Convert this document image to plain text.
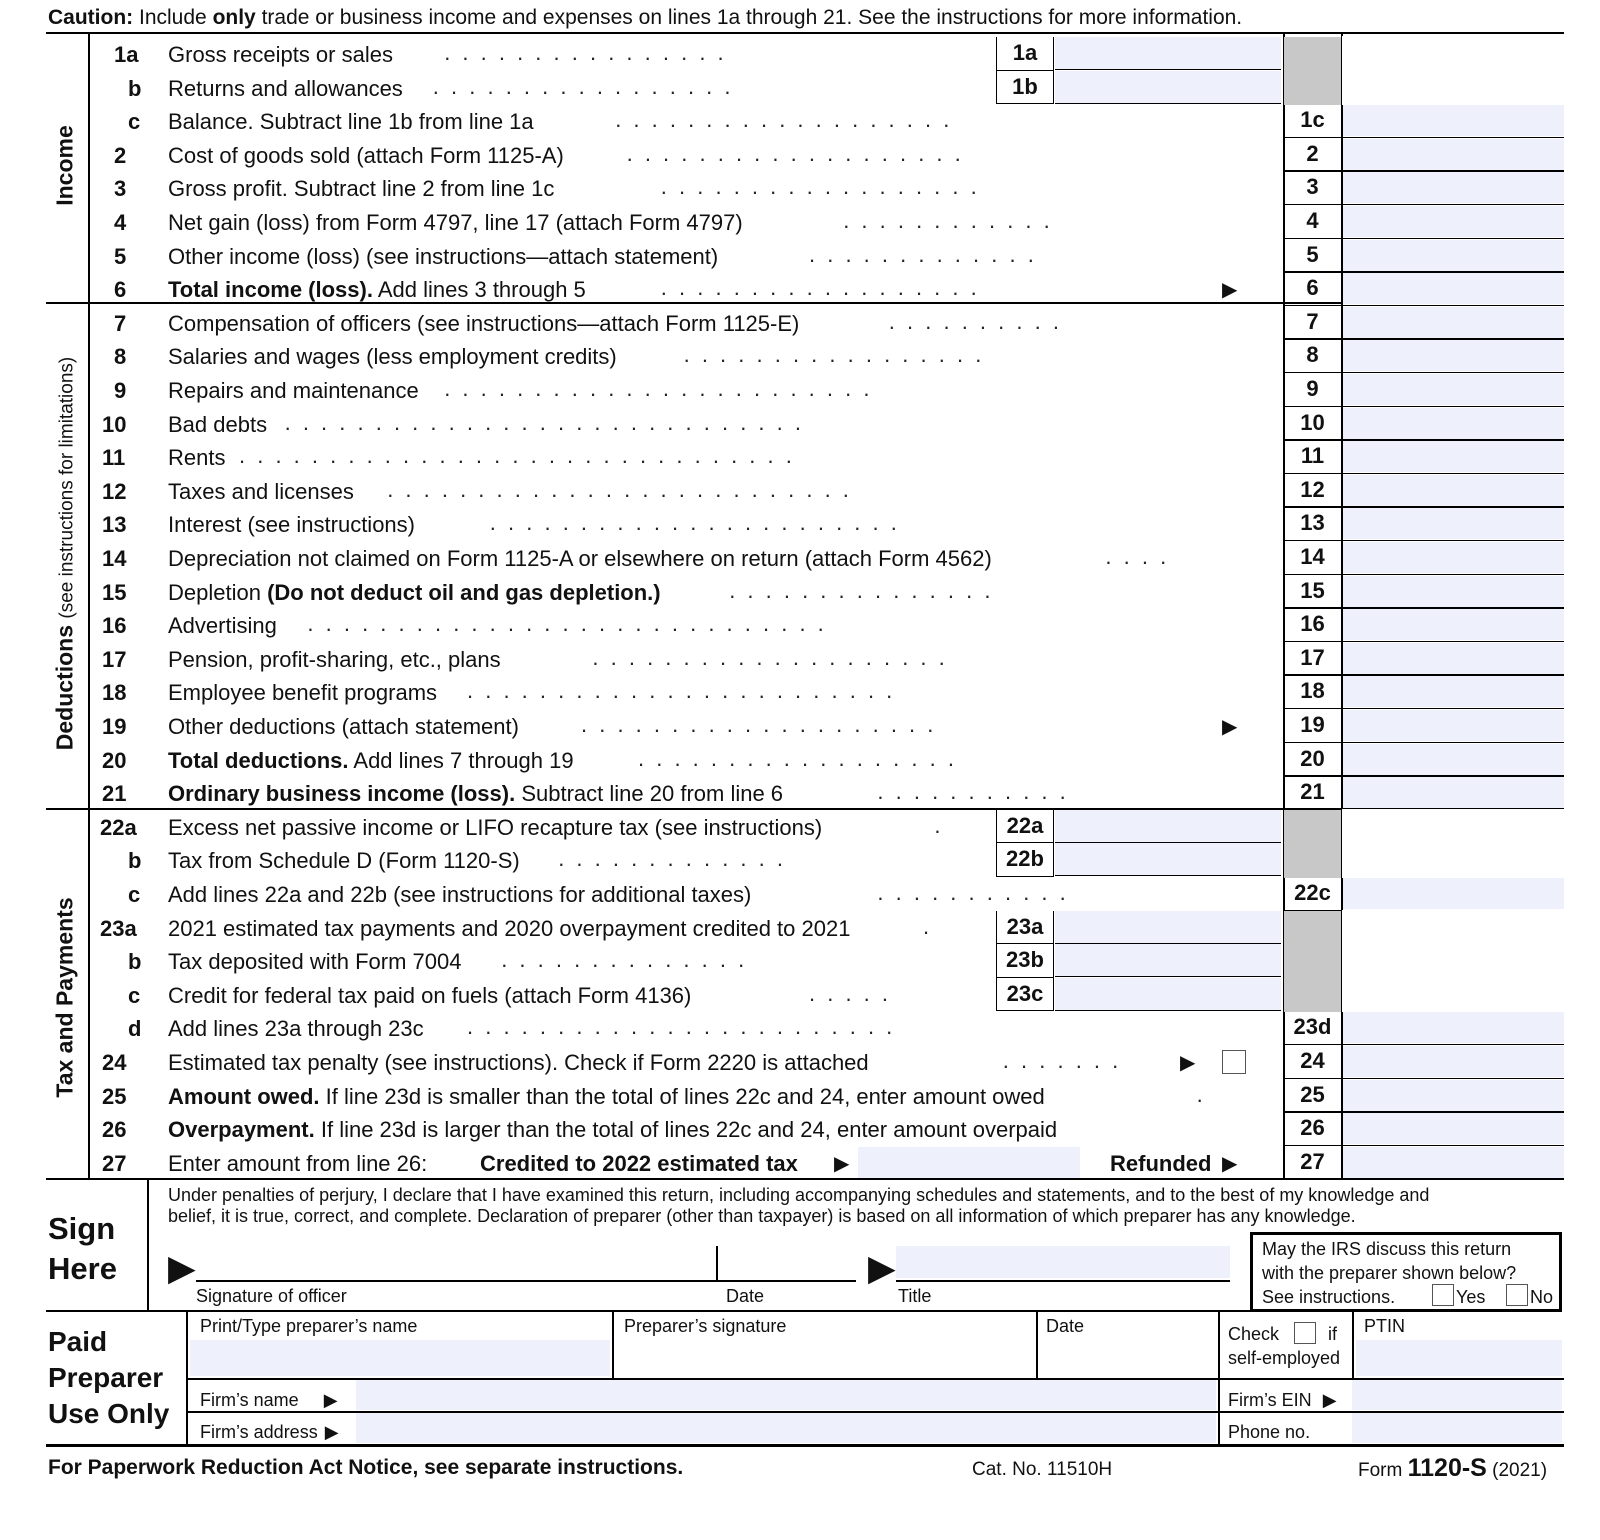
Caution: Include only trade or business income and expenses on lines 1a through 21. See the instructions for more information.
Income
Deductions (see instructions for limitations)
Tax and Payments
1a Gross receipts or sales . . . . . . . . . . . . . . . .	1a
b Returns and allowances . . . . . . . . . . . . . . . . .	1b
c Balance. Subtract line 1b from line 1a	. . . . . . . . . . . . . . . . . . .	1c
2 Cost of goods sold (attach Form 1125-A)	. . . . . . . . . . . . . . . . . . .	2
3 Gross profit. Subtract line 2 from line 1c	. . . . . . . . . . . . . . . . . .	3
4 Net gain (loss) from Form 4797, line 17 (attach Form 4797)	. . . . . . . . . . . .	4
5 Other income (loss) (see instructions—attach statement)	. . . . . . . . . . . . .	5
6 Total income (loss). Add lines 3 through 5	. . . . . . . . . . . . . . . . . .	▶	6
7 Compensation of officers (see instructions—attach Form 1125-E)	. . . . . . . . . .	7
8 Salaries and wages (less employment credits)	. . . . . . . . . . . . . . . . .	8
9 Repairs and maintenance . . . . . . . . . . . . . . . . . . . . . . . .	9
10 Bad debts . . . . . . . . . . . . . . . . . . . . . . . . . . . . .	10
11 Rents . . . . . . . . . . . . . . . . . . . . . . . . . . . . . . .	11
12 Taxes and licenses . . . . . . . . . . . . . . . . . . . . . . . . . .	12
13 Interest (see instructions)	. . . . . . . . . . . . . . . . . . . . . . .	13
14 Depreciation not claimed on Form 1125-A or elsewhere on return (attach Form 4562)	. . . .	14
15 Depletion (Do not deduct oil and gas depletion.)	. . . . . . . . . . . . . . .	15
16 Advertising . . . . . . . . . . . . . . . . . . . . . . . . . . . . .	16
17 Pension, profit-sharing, etc., plans	. . . . . . . . . . . . . . . . . . . .	17
18 Employee benefit programs . . . . . . . . . . . . . . . . . . . . . . . .	18
19 Other deductions (attach statement)	. . . . . . . . . . . . . . . . . . . .	▶	19
20 Total deductions. Add lines 7 through 19	. . . . . . . . . . . . . . . . . .	20
21 Ordinary business income (loss). Subtract line 20 from line 6	. . . . . . . . . . .	21
22a Excess net passive income or LIFO recapture tax (see instructions)	.	22a
b Tax from Schedule D (Form 1120-S) . . . . . . . . . . . . .	22b
c Add lines 22a and 22b (see instructions for additional taxes)	. . . . . . . . . . .	22c
23a 2021 estimated tax payments and 2020 overpayment credited to 2021	.	23a
b Tax deposited with Form 7004 . . . . . . . . . . . . . .	23b
c Credit for federal tax paid on fuels (attach Form 4136)	. . . . .	23c
d Add lines 23a through 23c . . . . . . . . . . . . . . . . . . . . . . . .	23d
24 Estimated tax penalty (see instructions). Check if Form 2220 is attached	. . . . . . .	▶	24
25 Amount owed. If line 23d is smaller than the total of lines 22c and 24, enter amount owed	.	25
26 Overpayment. If line 23d is larger than the total of lines 22c and 24, enter amount overpaid	26
27 Enter amount from line 26: Credited to 2022 estimated tax ▶	Refunded ▶	27
Sign
Here
Under penalties of perjury, I declare that I have examined this return, including accompanying schedules and statements, and to the best of my knowledge and
belief, it is true, correct, and complete. Declaration of preparer (other than taxpayer) is based on all information of which preparer has any knowledge.
▶
Signature of officer	Date
▶
Title
May the IRS discuss this return
with the preparer shown below?
See instructions.	Yes No
Paid
Preparer
Use Only
Print/Type preparer’s name	Preparer’s signature	Date	Check	if
self-employed
PTIN
Firm’s name ▶	Firm’s EIN ▶
Firm’s address ▶	Phone no.
For Paperwork Reduction Act Notice, see separate instructions.	Cat. No. 11510H	Form 1120-S (2021)
